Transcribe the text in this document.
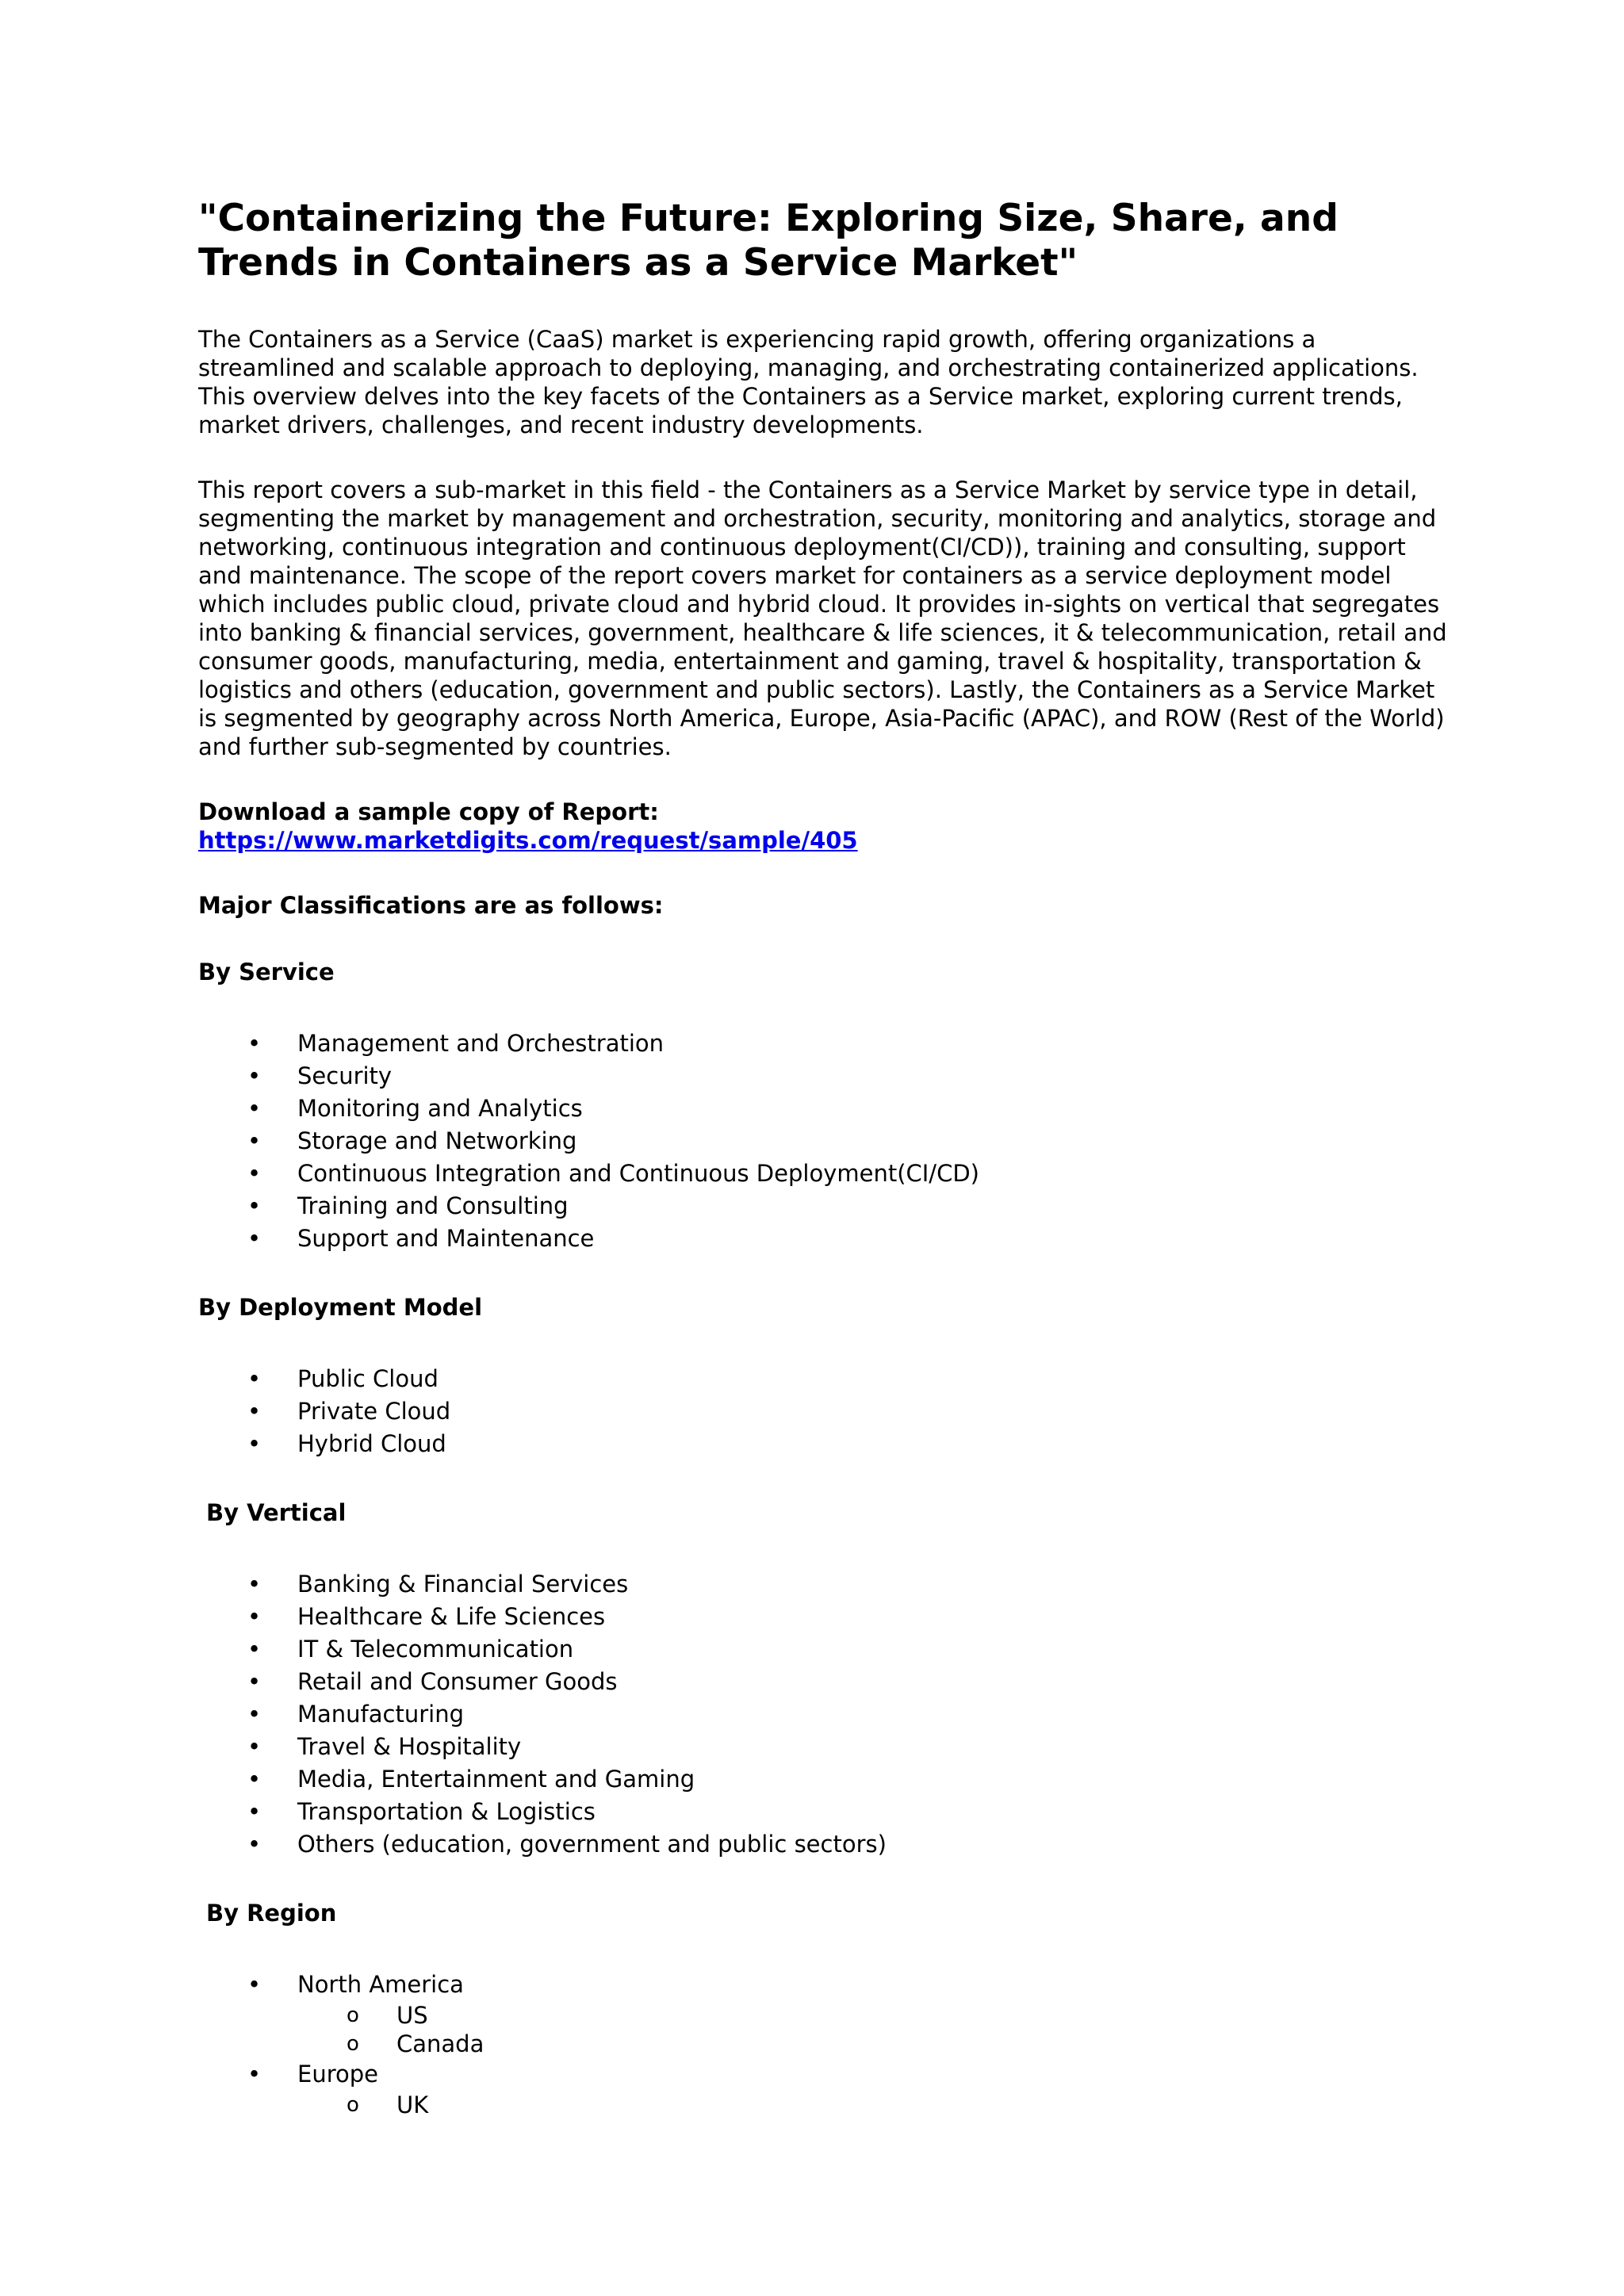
"Containerizing the Future: Exploring Size, Share, and Trends in Containers as a Service Market"

The Containers as a Service (CaaS) market is experiencing rapid growth, offering organizations a streamlined and scalable approach to deploying, managing, and orchestrating containerized applications. This overview delves into the key facets of the Containers as a Service market, exploring current trends, market drivers, challenges, and recent industry developments.

This report covers a sub-market in this field - the Containers as a Service Market by service type in detail, segmenting the market by management and orchestration, security, monitoring and analytics, storage and networking, continuous integration and continuous deployment(CI/CD)), training and consulting, support and maintenance. The scope of the report covers market for containers as a service deployment model which includes public cloud, private cloud and hybrid cloud. It provides in-sights on vertical that segregates into banking & financial services, government, healthcare & life sciences, it & telecommunication, retail and consumer goods, manufacturing, media, entertainment and gaming, travel & hospitality, transportation & logistics and others (education, government and public sectors). Lastly, the Containers as a Service Market is segmented by geography across North America, Europe, Asia-Pacific (APAC), and ROW (Rest of the World) and further sub-segmented by countries.

Download a sample copy of Report:
https://www.marketdigits.com/request/sample/405
Major Classifications are as follows:
By Service
• Management and Orchestration
• Security
• Monitoring and Analytics
• Storage and Networking
• Continuous Integration and Continuous Deployment(CI/CD)
• Training and Consulting
• Support and Maintenance
By Deployment Model
• Public Cloud
• Private Cloud
• Hybrid Cloud
By Vertical
• Banking & Financial Services
• Healthcare & Life Sciences
• IT & Telecommunication
• Retail and Consumer Goods
• Manufacturing
• Travel & Hospitality
• Media, Entertainment and Gaming
• Transportation & Logistics
• Others (education, government and public sectors)
By Region
• North America
o US
o Canada
• Europe
o UK
